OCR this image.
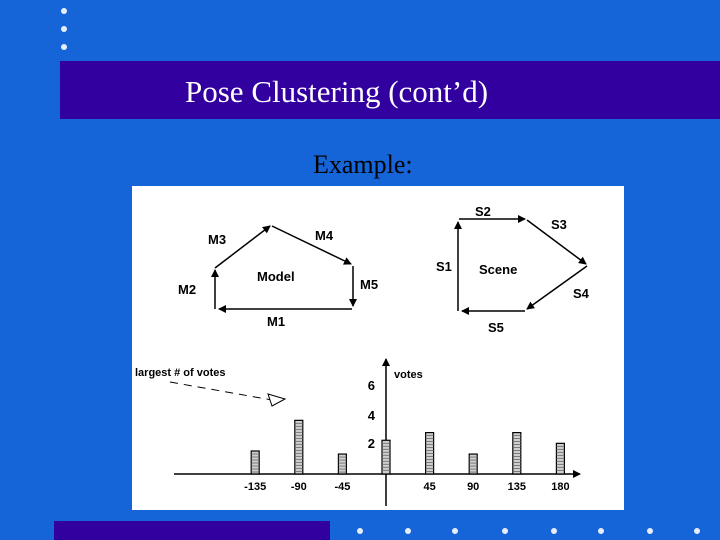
Pose Clustering (cont’d)
Example:
Model
M1
M2
M3	M4
M5
Scene
S1
S2
S3
S4
S5
votes
2
4
6
-135 -90	-45	45	90	135 180
largest # of votes
